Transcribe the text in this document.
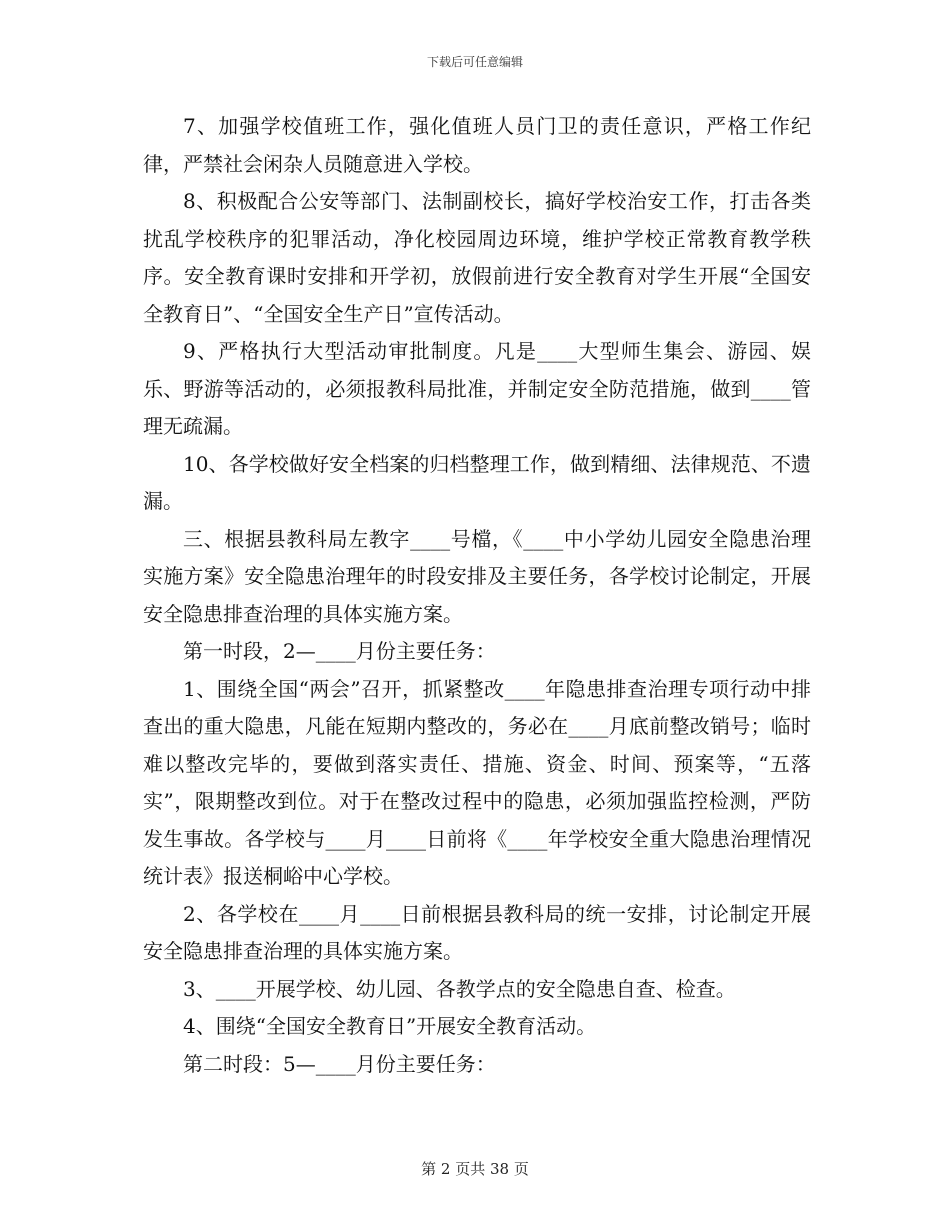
下载后可任意编辑

7、加强学校值班工作，强化值班人员门卫的责任意识，严格工作纪律，严禁社会闲杂人员随意进入学校。

8、积极配合公安等部门、法制副校长，搞好学校治安工作，打击各类扰乱学校秩序的犯罪活动，净化校园周边环境，维护学校正常教育教学秩序。安全教育课时安排和开学初，放假前进行安全教育对学生开展“全国安全教育日”、“全国安全生产日”宣传活动。

9、严格执行大型活动审批制度。凡是____大型师生集会、游园、娱乐、野游等活动的，必须报教科局批准，并制定安全防范措施，做到____管理无疏漏。

10、各学校做好安全档案的归档整理工作，做到精细、法律规范、不遗漏。

三、根据县教科局左教字____号檔，《____中小学幼儿园安全隐患治理实施方案》安全隐患治理年的时段安排及主要任务，各学校讨论制定，开展安全隐患排查治理的具体实施方案。

第一时段，2—____月份主要任务：

1、围绕全国“两会”召开，抓紧整改____年隐患排查治理专项行动中排查出的重大隐患，凡能在短期内整改的，务必在____月底前整改销号；临时难以整改完毕的，要做到落实责任、措施、资金、时间、预案等，“五落实”，限期整改到位。对于在整改过程中的隐患，必须加强监控检测，严防发生事故。各学校与____月____日前将《____年学校安全重大隐患治理情况统计表》报送桐峪中心学校。

2、各学校在____月____日前根据县教科局的统一安排，讨论制定开展安全隐患排查治理的具体实施方案。

3、____开展学校、幼儿园、各教学点的安全隐患自查、检查。

4、围绕“全国安全教育日”开展安全教育活动。

第二时段：5—____月份主要任务：

第 2 页共 38 页
